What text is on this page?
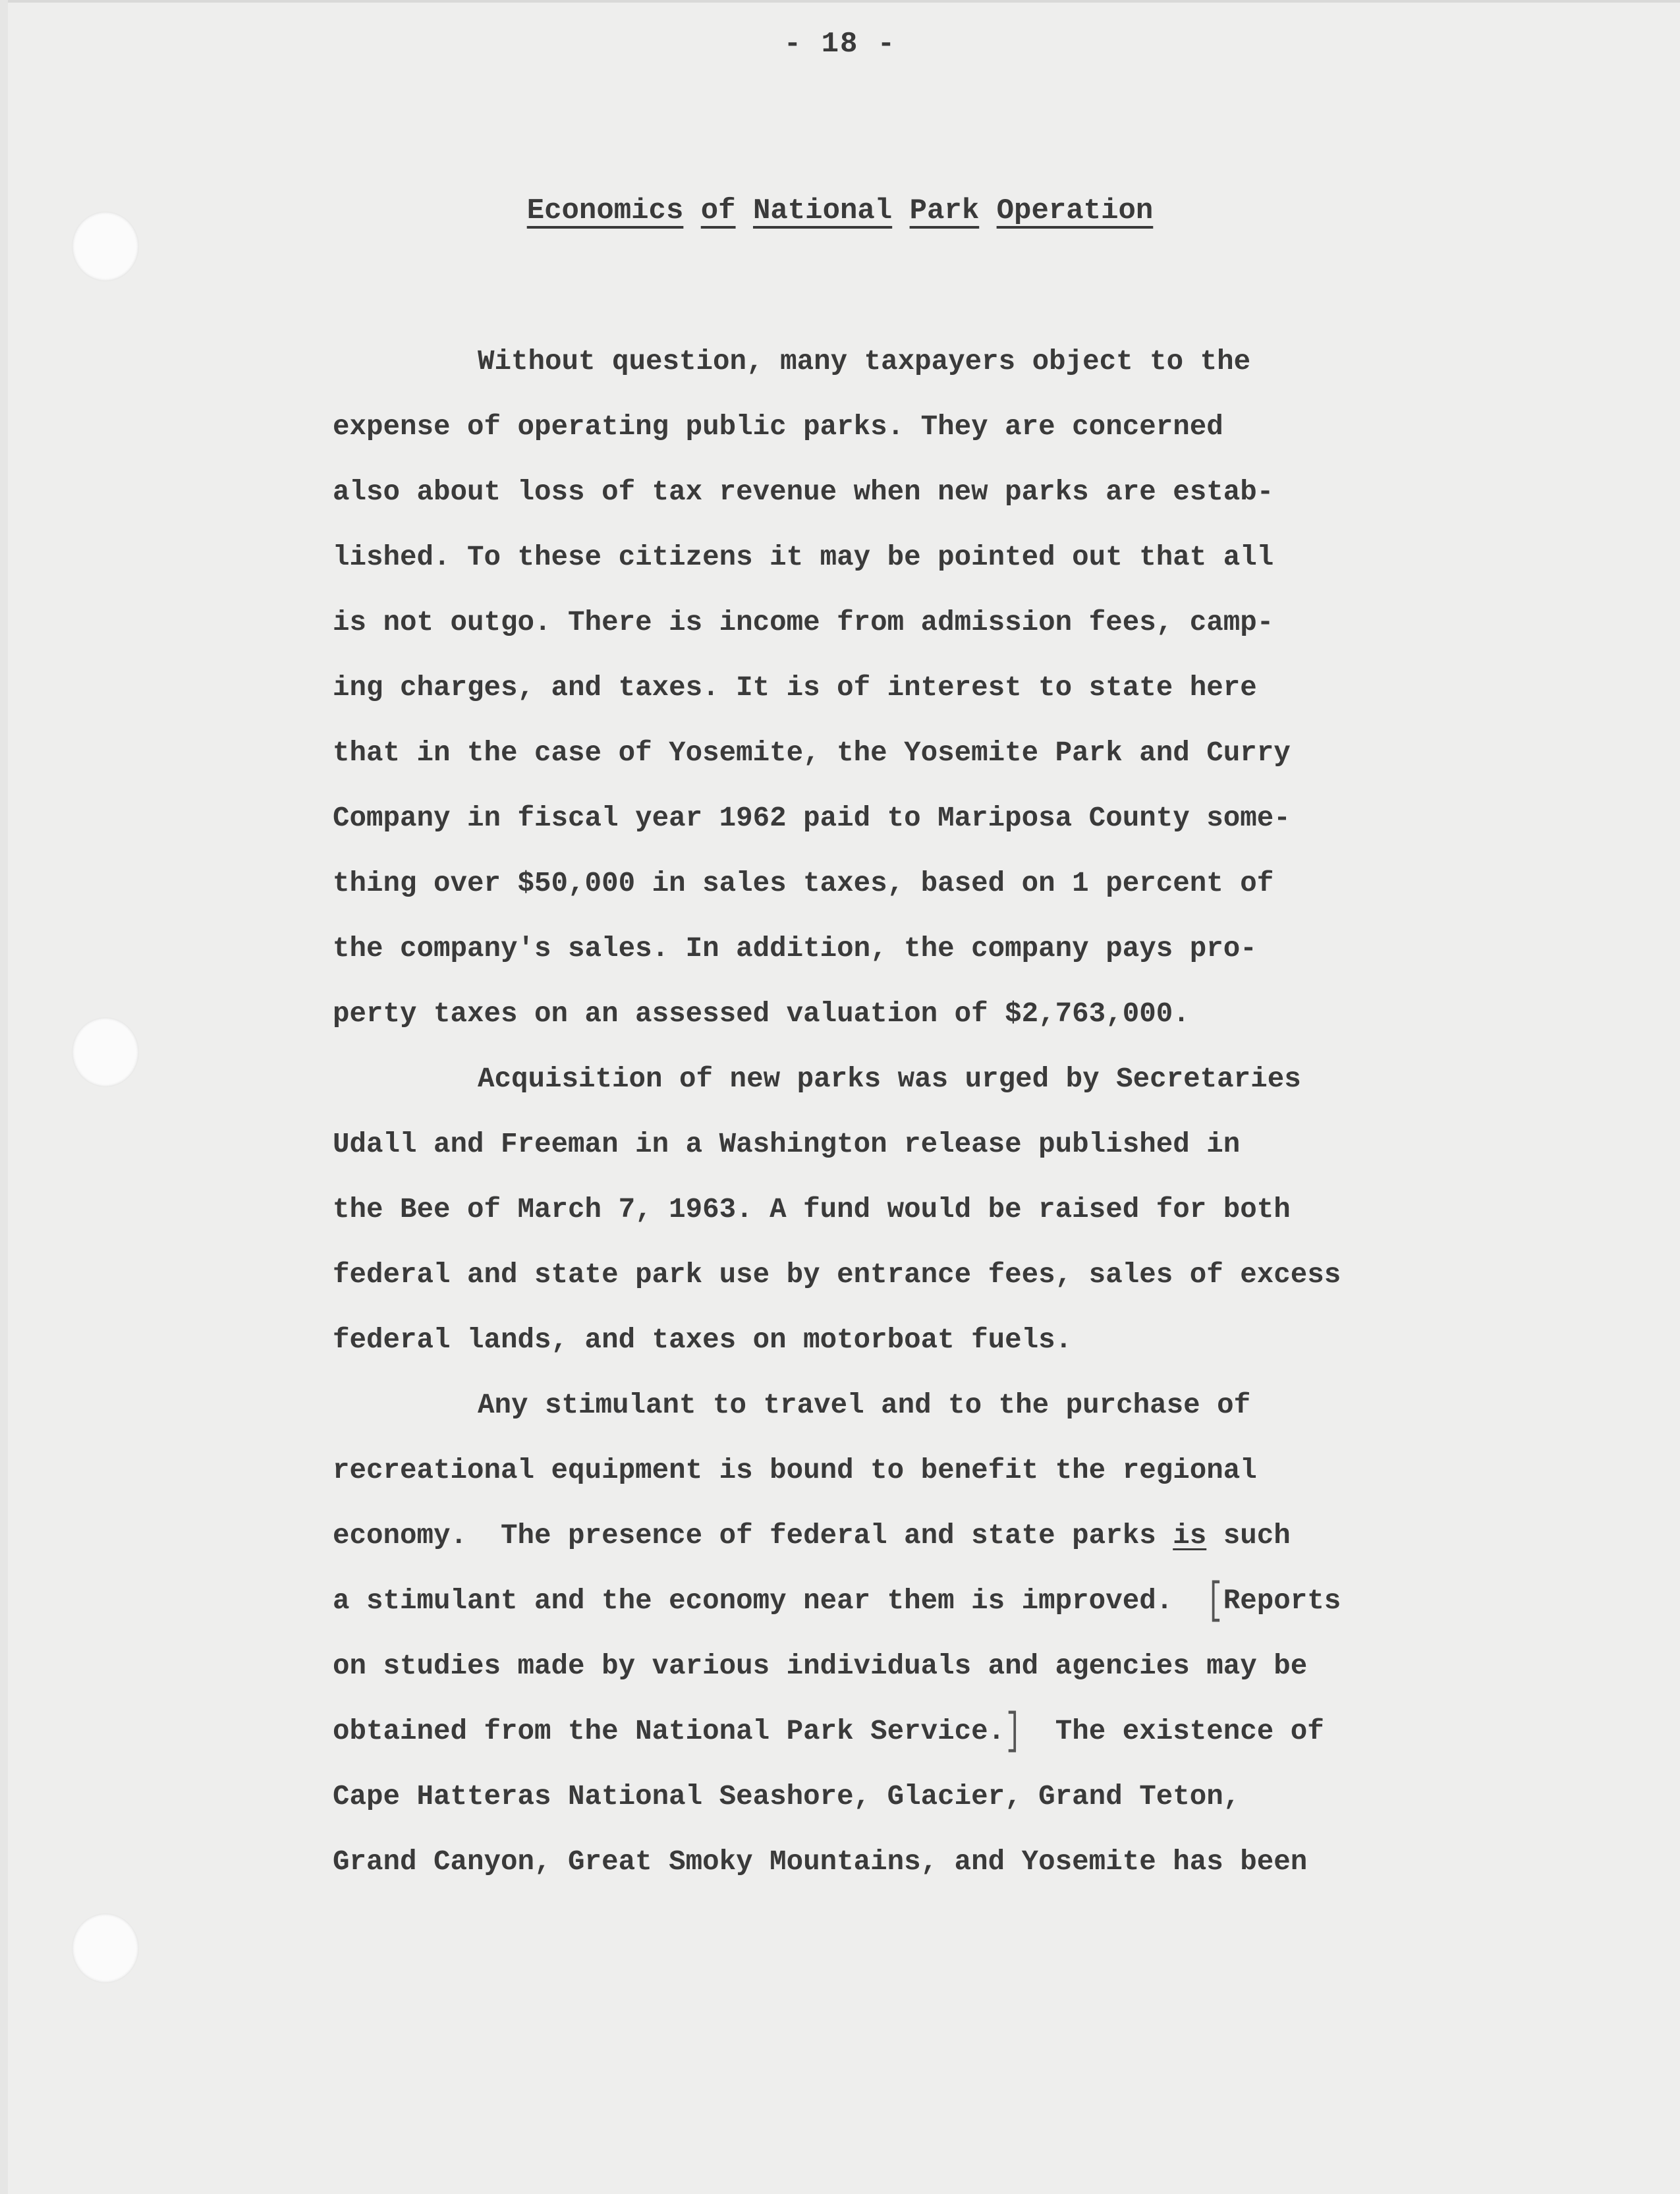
- 18 -
Economics of National Park Operation
Without question, many taxpayers object to the
expense of operating public parks. They are concerned
also about loss of tax revenue when new parks are estab-
lished. To these citizens it may be pointed out that all
is not outgo. There is income from admission fees, camp-
ing charges, and taxes. It is of interest to state here
that in the case of Yosemite, the Yosemite Park and Curry
Company in fiscal year 1962 paid to Mariposa County some-
thing over $50,000 in sales taxes, based on 1 percent of
the company's sales. In addition, the company pays pro-
perty taxes on an assessed valuation of $2,763,000.
Acquisition of new parks was urged by Secretaries
Udall and Freeman in a Washington release published in
the Bee of March 7, 1963. A fund would be raised for both
federal and state park use by entrance fees, sales of excess
federal lands, and taxes on motorboat fuels.
Any stimulant to travel and to the purchase of
recreational equipment is bound to benefit the regional
economy.  The presence of federal and state parks is such
a stimulant and the economy near them is improved.  [Reports
on studies made by various individuals and agencies may be
obtained from the National Park Service.]  The existence of
Cape Hatteras National Seashore, Glacier, Grand Teton,
Grand Canyon, Great Smoky Mountains, and Yosemite has been
